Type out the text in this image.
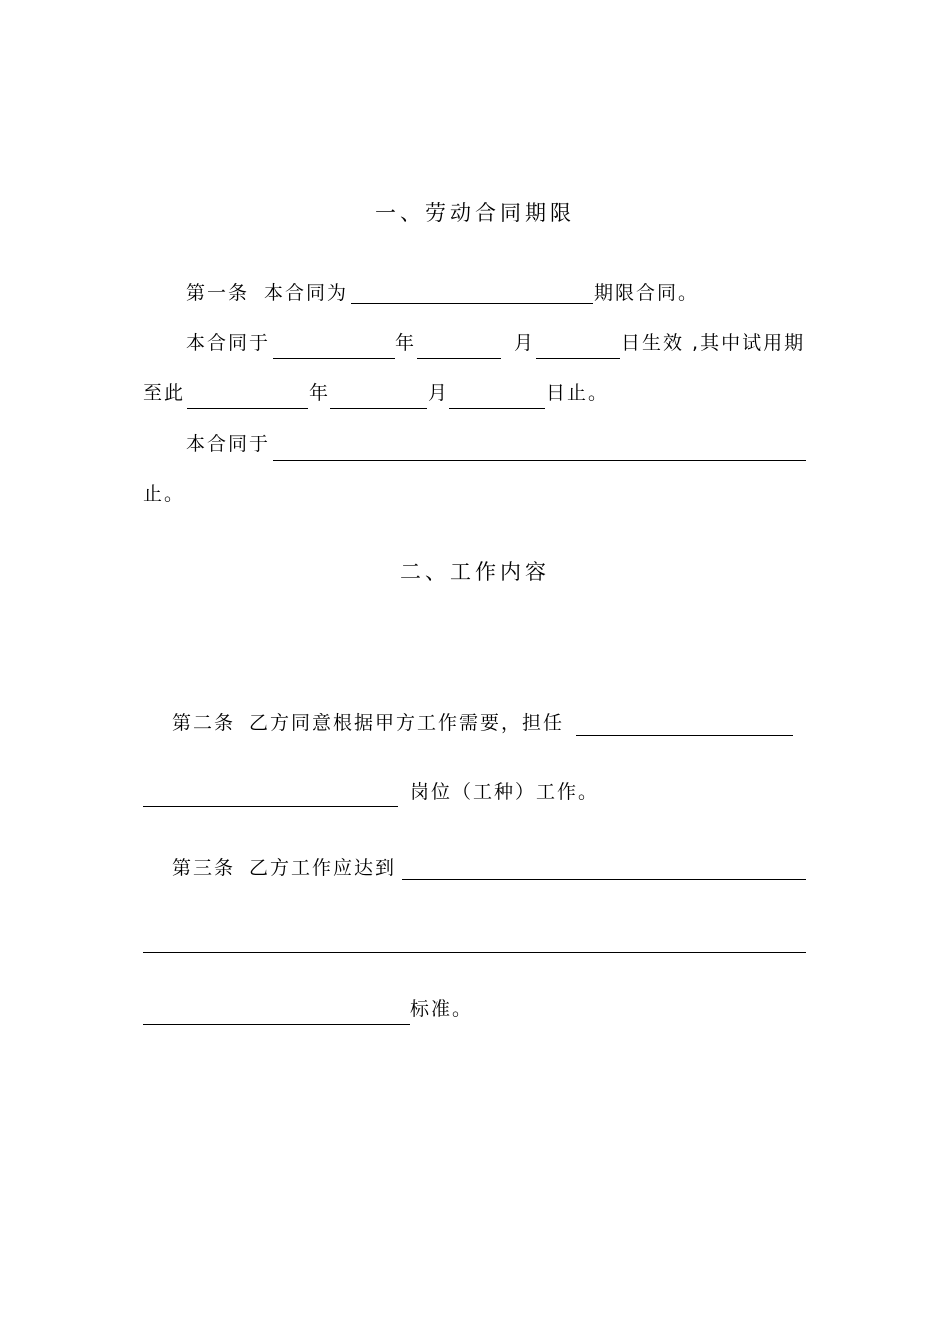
一、劳动合同期限
第一条 本合同为	期限合同。
本合同于	年	月	日生效 ,其中试用期
至此	年	月	日止。
本合同于
止。
二、工作内容
第二条 乙方同意根据甲方工作需要，担任
岗位（工种）工作。
第三条 乙方工作应达到
标准。
